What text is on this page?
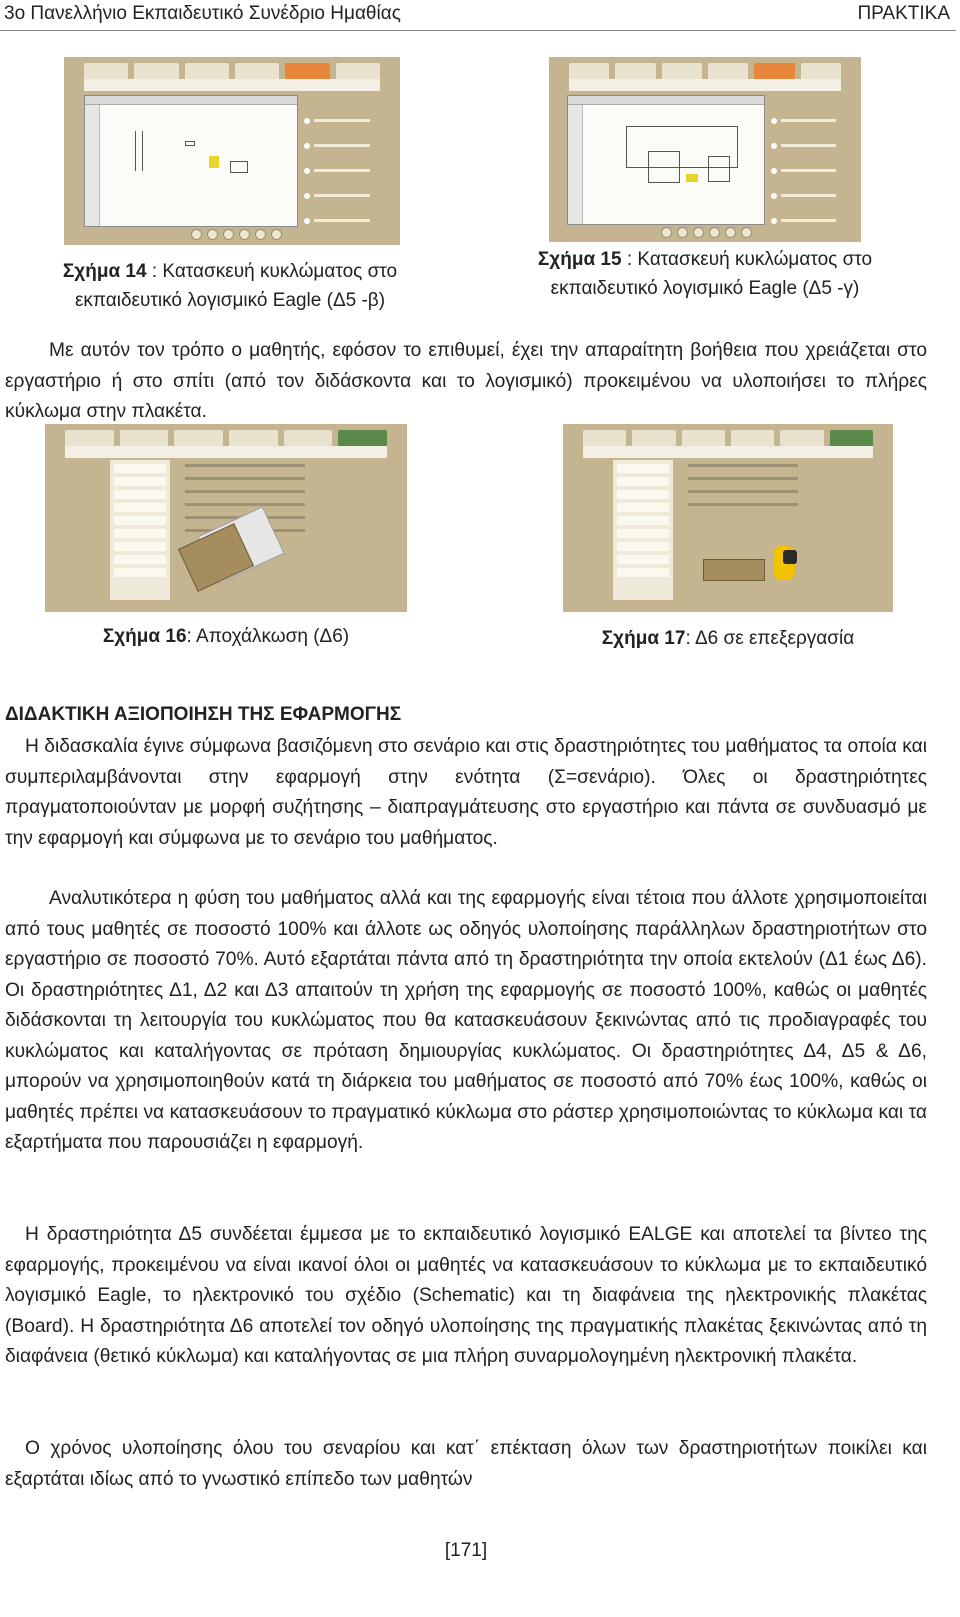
3ο Πανελλήνιο Εκπαιδευτικό Συνέδριο Ημαθίας	ΠΡΑΚΤΙΚΑ
Σχήμα 14 : Κατασκευή κυκλώματος στο
εκπαιδευτικό λογισμικό Eagle (Δ5 -β)
Σχήμα 15 : Κατασκευή κυκλώματος στο
εκπαιδευτικό λογισμικό Eagle (Δ5 -γ)
Με αυτόν τον τρόπο ο μαθητής, εφόσον το επιθυμεί, έχει την απαραίτητη βοήθεια που χρειάζεται στο εργαστήριο ή στο σπίτι (από τον διδάσκοντα και το λογισμικό) προκειμένου να υλοποιήσει το πλήρες κύκλωμα στην πλακέτα.
Σχήμα 16: Αποχάλκωση (Δ6)	Σχήμα 17: Δ6 σε επεξεργασία
ΔΙΔΑΚΤΙΚΗ ΑΞΙΟΠΟΙΗΣΗ ΤΗΣ ΕΦΑΡΜΟΓΗΣ
Η διδασκαλία έγινε σύμφωνα βασιζόμενη στο σενάριο και στις δραστηριότητες του μαθήματος τα οποία και συμπεριλαμβάνονται στην εφαρμογή στην ενότητα (Σ=σενάριο). Όλες οι δραστηριότητες πραγματοποιούνταν με μορφή συζήτησης – διαπραγμάτευσης στο εργαστήριο και πάντα σε συνδυασμό με την εφαρμογή και σύμφωνα με το σενάριο του μαθήματος.
Αναλυτικότερα η φύση του μαθήματος αλλά και της εφαρμογής είναι τέτοια που άλλοτε χρησιμοποιείται από τους μαθητές σε ποσοστό 100% και άλλοτε ως οδηγός υλοποίησης παράλληλων δραστηριοτήτων στο εργαστήριο σε ποσοστό 70%. Αυτό εξαρτάται πάντα από τη δραστηριότητα την οποία εκτελούν (Δ1 έως Δ6). Οι δραστηριότητες Δ1, Δ2 και Δ3 απαιτούν τη χρήση της εφαρμογής σε ποσοστό 100%, καθώς οι μαθητές διδάσκονται τη λειτουργία του κυκλώματος που θα κατασκευάσουν ξεκινώντας από τις προδιαγραφές του κυκλώματος και καταλήγοντας σε πρόταση δημιουργίας κυκλώματος. Οι δραστηριότητες Δ4, Δ5 & Δ6, μπορούν να χρησιμοποιηθούν κατά τη διάρκεια του μαθήματος σε ποσοστό από 70% έως 100%, καθώς οι μαθητές πρέπει να κατασκευάσουν το πραγματικό κύκλωμα στο ράστερ χρησιμοποιώντας το κύκλωμα και τα εξαρτήματα που παρουσιάζει η εφαρμογή.
Η δραστηριότητα Δ5 συνδέεται έμμεσα με το εκπαιδευτικό λογισμικό EALGE και αποτελεί τα βίντεο της εφαρμογής, προκειμένου να είναι ικανοί όλοι οι μαθητές να κατασκευάσουν το κύκλωμα με το εκπαιδευτικό λογισμικό Eagle, το ηλεκτρονικό του σχέδιο (Schematic) και τη διαφάνεια της ηλεκτρονικής πλακέτας (Board). Η δραστηριότητα Δ6 αποτελεί τον οδηγό υλοποίησης της πραγματικής πλακέτας ξεκινώντας από τη διαφάνεια (θετικό κύκλωμα) και καταλήγοντας σε μια πλήρη συναρμολογημένη ηλεκτρονική πλακέτα.
Ο χρόνος υλοποίησης όλου του σεναρίου και κατ΄ επέκταση όλων των δραστηριοτήτων ποικίλει και εξαρτάται ιδίως από το γνωστικό επίπεδο των μαθητών
[171]
